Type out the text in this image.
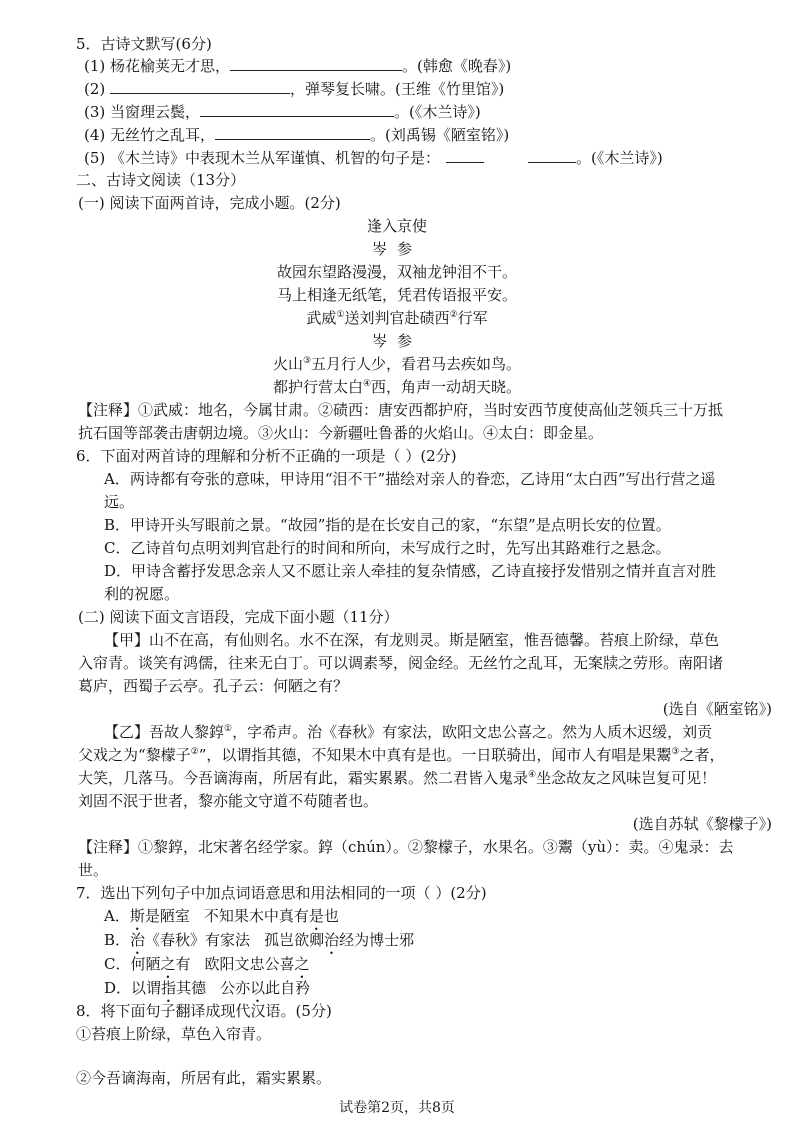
5．古诗文默写(6分)
(1) 杨花榆荚无才思，	。(韩愈《晚春》)
(2)	，弹琴复长啸。(王维《竹里馆》)
(3) 当窗理云鬓，	。(《木兰诗》)
(4) 无丝竹之乱耳，	。(刘禹锡《陋室铭》)
(5) 《木兰诗》中表现木兰从军谨慎、机智的句子是：	。(《木兰诗》)
二、古诗文阅读（13分）
(一) 阅读下面两首诗，完成小题。(2分)
逢入京使
岑参
故园东望路漫漫，双袖龙钟泪不干。
马上相逢无纸笔，凭君传语报平安。
武威①送刘判官赴碛西②行军
岑参
火山③五月行人少，看君马去疾如鸟。
都护行营太白④西，角声一动胡天晓。
【注释】①武威：地名，今属甘肃。②碛西：唐安西都护府，当时安西节度使高仙芝领兵三十万抵
抗石国等部袭击唐朝边境。③火山：今新疆吐鲁番的火焰山。④太白：即金星。
6．下面对两首诗的理解和分析不正确的一项是（ ）(2分)
A．两诗都有夸张的意味，甲诗用“泪不干”描绘对亲人的眷恋，乙诗用“太白西”写出行营之遥
远。
B．甲诗开头写眼前之景。“故园”指的是在长安自己的家，“东望”是点明长安的位置。
C．乙诗首句点明刘判官赴行的时间和所向，未写成行之时，先写出其路难行之悬念。
D．甲诗含蓄抒发思念亲人又不愿让亲人牵挂的复杂情感，乙诗直接抒发惜别之情并直言对胜
利的祝愿。
(二) 阅读下面文言语段，完成下面小题（11分）
【甲】山不在高，有仙则名。水不在深，有龙则灵。斯是陋室，惟吾德馨。苔痕上阶绿，草色
入帘青。谈笑有鸿儒，往来无白丁。可以调素琴，阅金经。无丝竹之乱耳，无案牍之劳形。南阳诸
葛庐，西蜀子云亭。孔子云：何陋之有？
(选自《陋室铭》)
【乙】吾故人黎錞①，字希声。治《春秋》有家法，欧阳文忠公喜之。然为人质木迟缓，刘贡
父戏之为“黎檬子②”，以谓指其德，不知果木中真有是也。一日联骑出，闻市人有唱是果鬻③之者，
大笑，几落马。今吾谪海南，所居有此，霜实累累。然二君皆入鬼录④坐念故友之风味岂复可见！
刘固不泯于世者，黎亦能文守道不苟随者也。
(选自苏轼《黎檬子》)
【注释】①黎錞，北宋著名经学家。錞（chún）。②黎檬子，水果名。③鬻（yù）：卖。④鬼录：去
世。
7．选出下列句子中加点词语意思和用法相同的一项（ ）(2分)
A．斯是陋室 不知果木中真有是也
B．治《春秋》有家法 孤岂欲卿治经为博士邪
C．何陋之有 欧阳文忠公喜之
D．以谓指其德 公亦以此自矜
8．将下面句子翻译成现代汉语。(5分)
①苔痕上阶绿，草色入帘青。
②今吾谪海南，所居有此，霜实累累。
试卷第2页，共8页
